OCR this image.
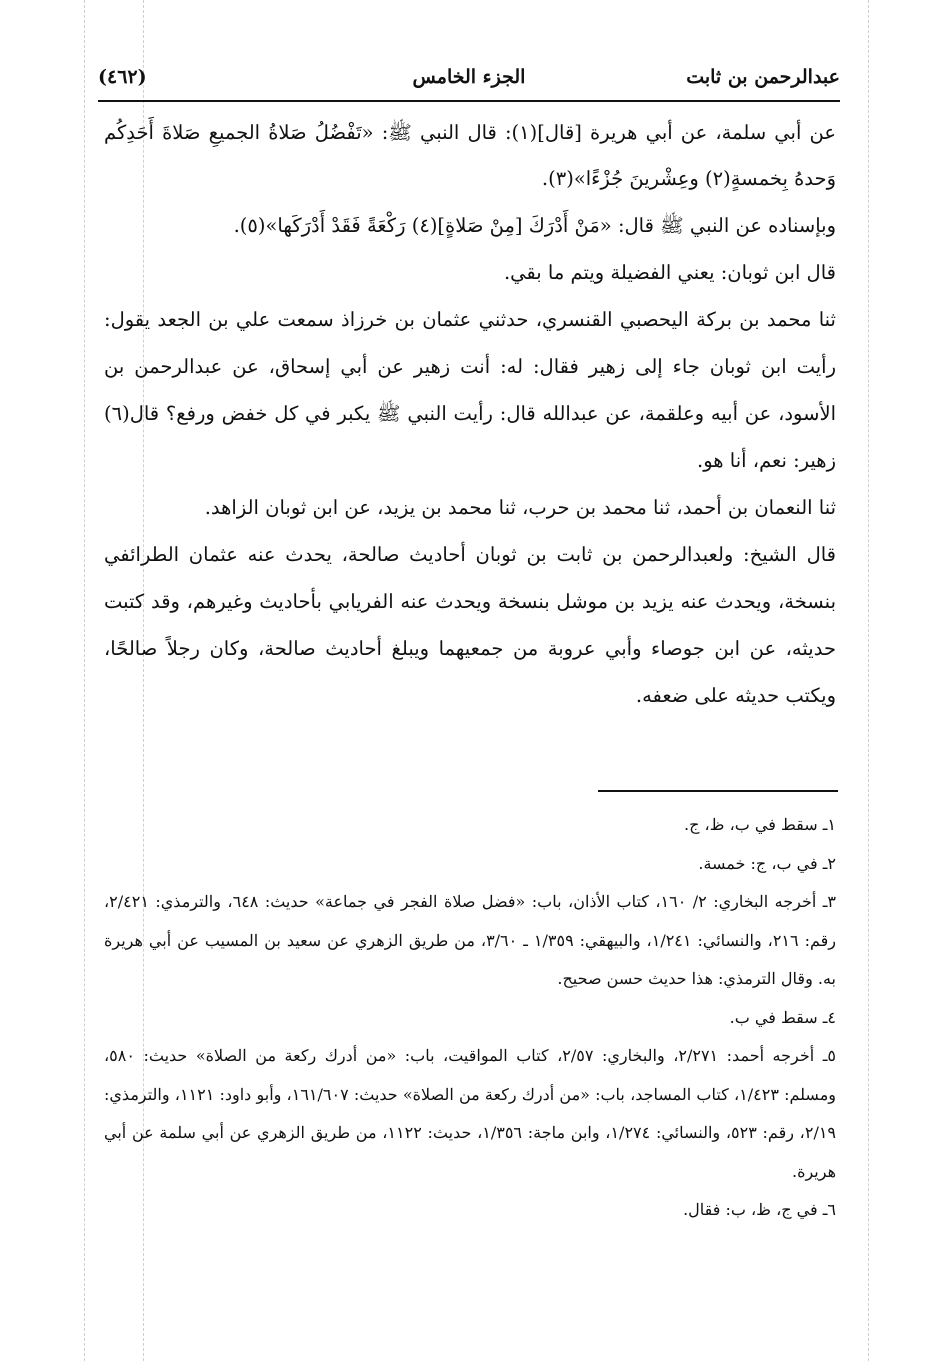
(٤٦٢)	الجزء الخامس	عبدالرحمن بن ثابت

عن أبي سلمة، عن أبي هريرة [قال](١): قال النبي ﷺ: «تَفْضُلُ صَلاةُ الجميعِ صَلاةَ أَحَدِكُم وَحدهُ بِخمسةٍ(٢) وعِشْرينَ جُزْءًا»(٣).

وبإسناده عن النبي ﷺ قال: «مَنْ أَدْرَكَ [مِنْ صَلاةٍ](٤) رَكْعَةً فَقَدْ أَدْرَكَها»(٥).

قال ابن ثوبان: يعني الفضيلة ويتم ما بقي.

ثنا محمد بن بركة اليحصبي القنسري، حدثني عثمان بن خرزاذ سمعت علي بن الجعد يقول: رأيت ابن ثوبان جاء إلى زهير فقال: له: أنت زهير عن أبي إسحاق، عن عبدالرحمن بن الأسود، عن أبيه وعلقمة، عن عبدالله قال: رأيت النبي ﷺ يكبر في كل خفض ورفع؟ قال(٦) زهير: نعم، أنا هو.

ثنا النعمان بن أحمد، ثنا محمد بن حرب، ثنا محمد بن يزيد، عن ابن ثوبان الزاهد.

قال الشيخ: ولعبدالرحمن بن ثابت بن ثوبان أحاديث صالحة، يحدث عنه عثمان الطرائفي بنسخة، ويحدث عنه يزيد بن موشل بنسخة ويحدث عنه الفريابي بأحاديث وغيرهم، وقد كتبت حديثه، عن ابن جوصاء وأبي عروبة من جمعيهما ويبلغ أحاديث صالحة، وكان رجلاً صالحًا، ويكتب حديثه على ضعفه.

١ـ سقط في ب، ظ، ج.

٢ـ في ب، ج: خمسة.

٣ـ أخرجه البخاري: ٢/ ١٦٠، كتاب الأذان، باب: «فضل صلاة الفجر في جماعة» حديث: ٦٤٨، والترمذي: ٢/٤٢١، رقم: ٢١٦، والنسائي: ١/٢٤١، والبيهقي: ١/٣٥٩ ـ ٣/٦٠، من طريق الزهري عن سعيد بن المسيب عن أبي هريرة به. وقال الترمذي: هذا حديث حسن صحيح.

٤ـ سقط في ب.

٥ـ أخرجه أحمد: ٢/٢٧١، والبخاري: ٢/٥٧، كتاب المواقيت، باب: «من أدرك ركعة من الصلاة» حديث: ٥٨٠، ومسلم: ١/٤٢٣، كتاب المساجد، باب: «من أدرك ركعة من الصلاة» حديث: ١٦١/٦٠٧، وأبو داود: ١١٢١، والترمذي: ٢/١٩، رقم: ٥٢٣، والنسائي: ١/٢٧٤، وابن ماجة: ١/٣٥٦، حديث: ١١٢٢، من طريق الزهري عن أبي سلمة عن أبي هريرة.

٦ـ في ج، ظ، ب: فقال.
